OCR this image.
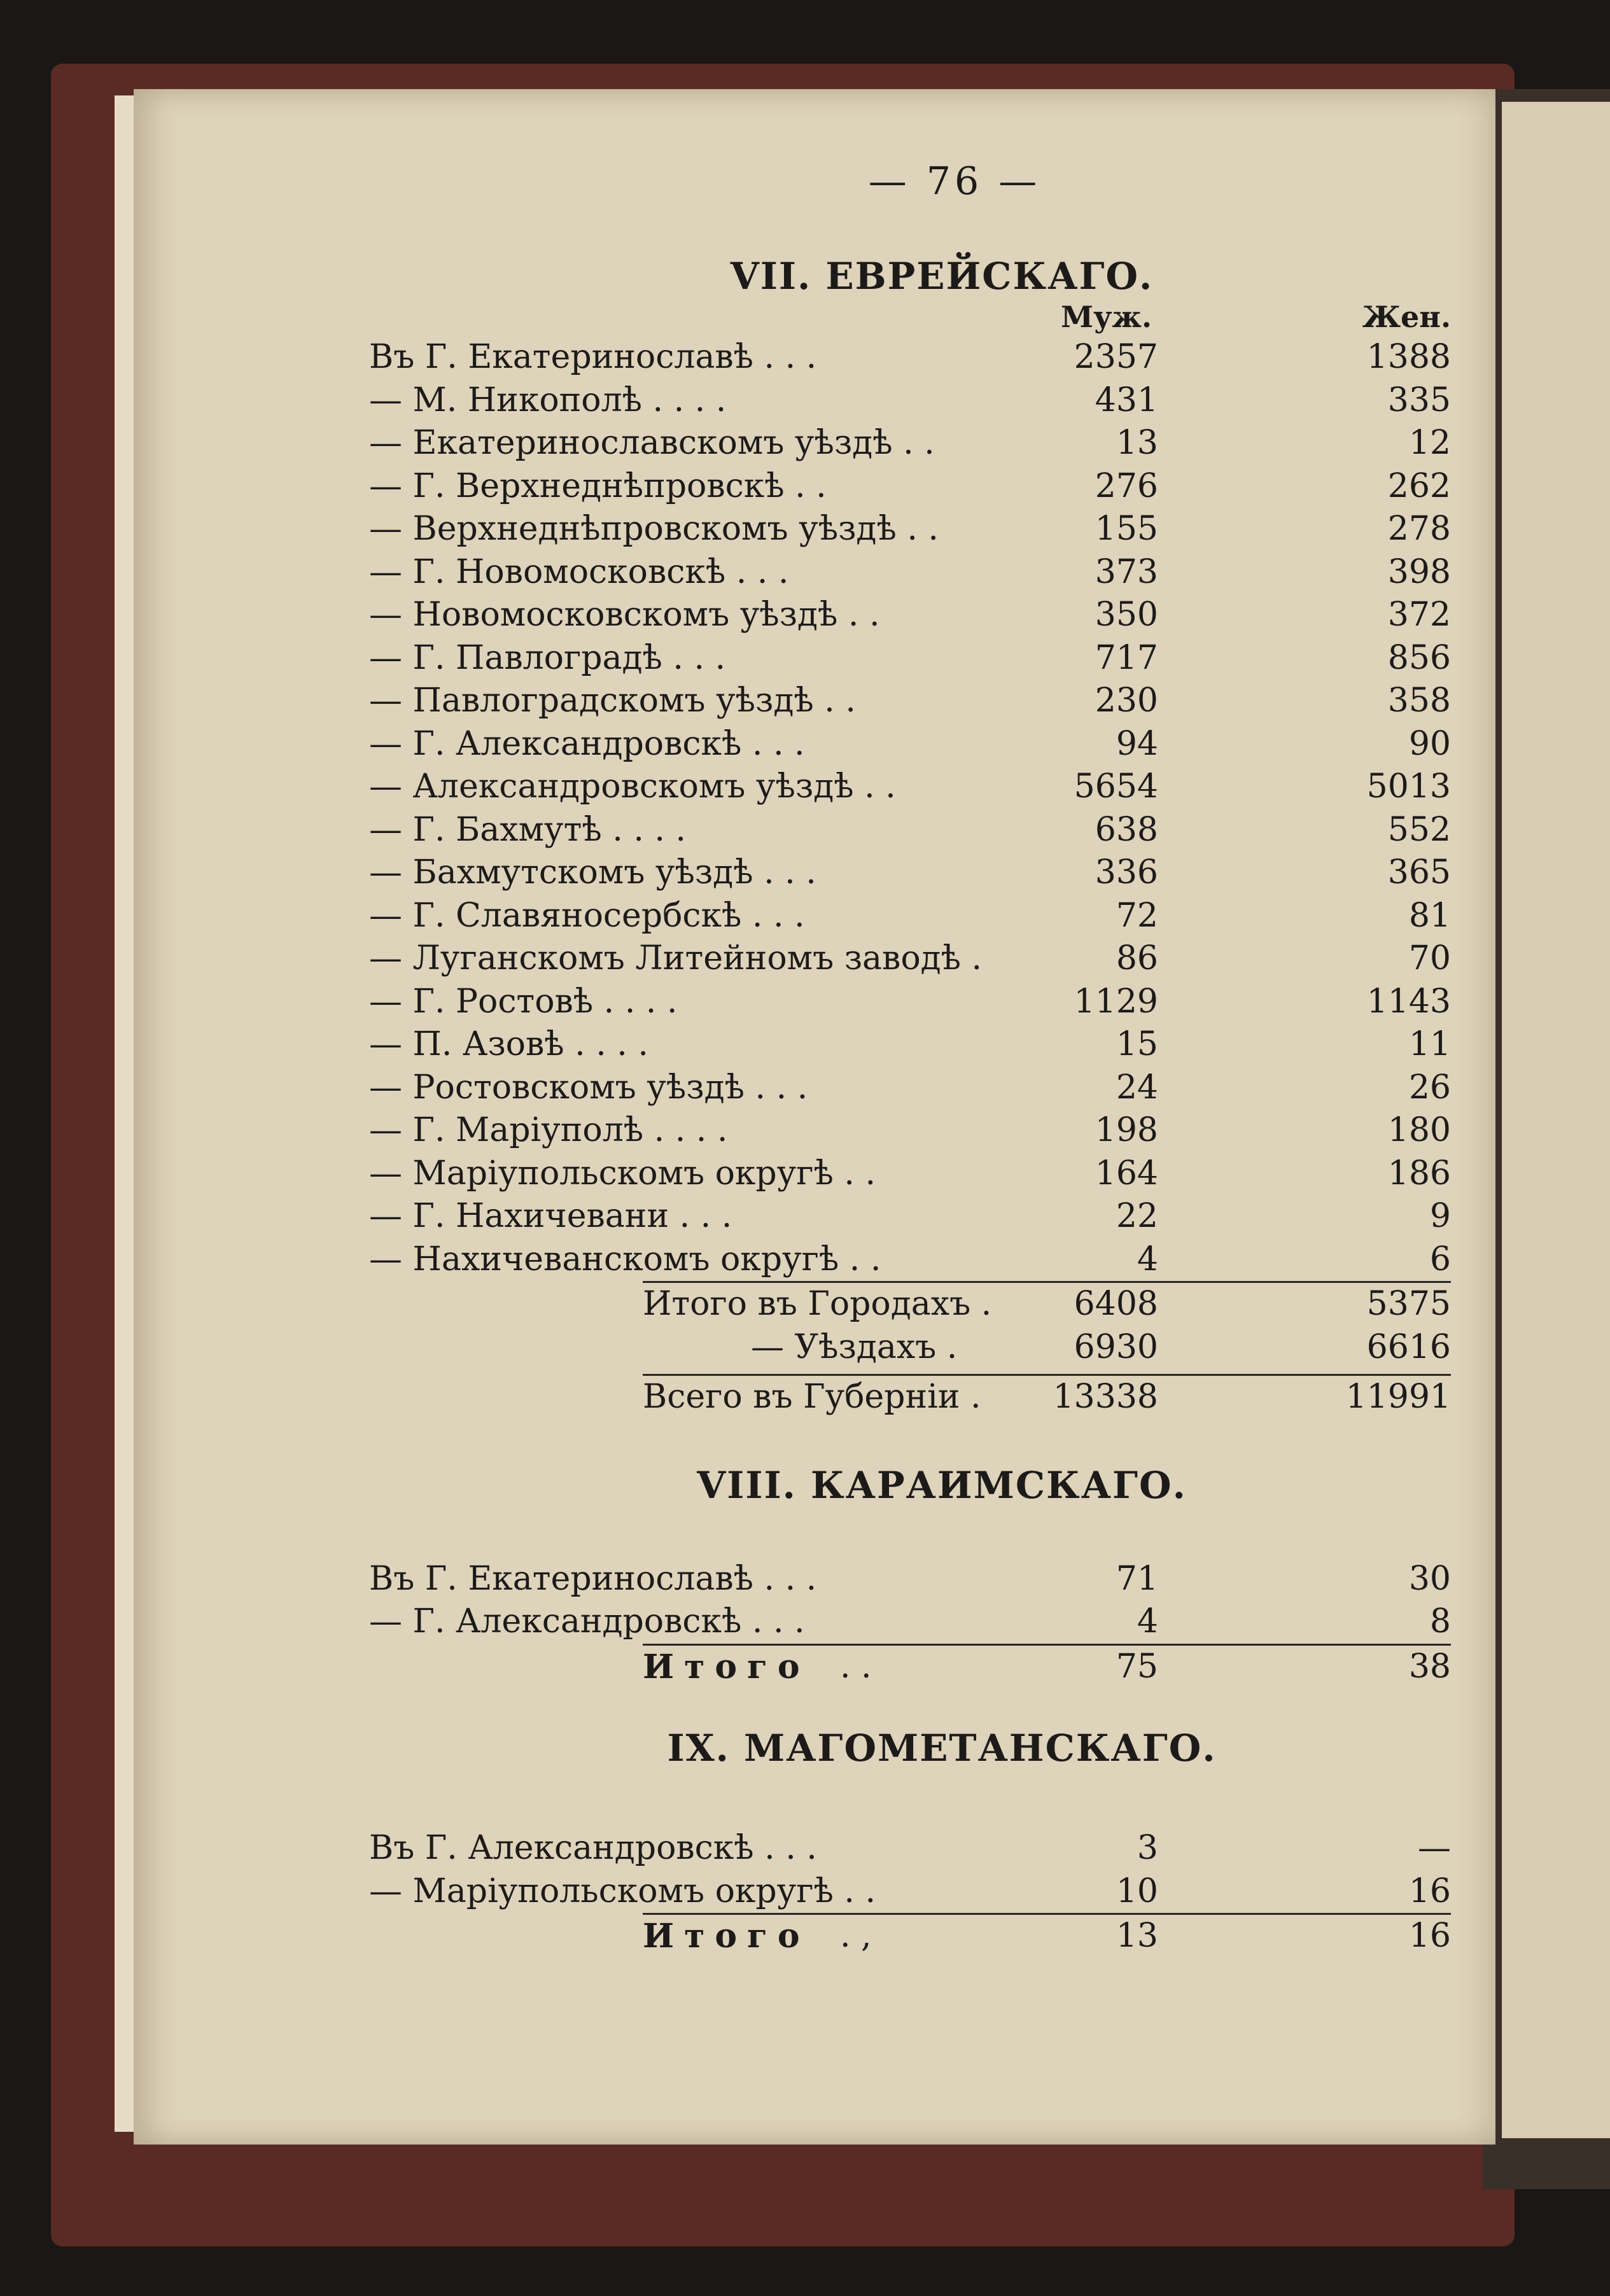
— 76 —
VII. ЕВРЕЙСКАГО.
Муж.	Жен.
Въ Г. Екатеринославѣ . . .	2357	1388
— М. Никополѣ . . . .	431	335
— Екатеринославскомъ уѣздѣ . .	13	12
— Г. Верхнеднѣпровскѣ . .	276	262
— Верхнеднѣпровскомъ уѣздѣ . .	155	278
— Г. Новомосковскѣ . . .	373	398
— Новомосковскомъ уѣздѣ . .	350	372
— Г. Павлоградѣ . . .	717	856
— Павлоградскомъ уѣздѣ . .	230	358
— Г. Александровскѣ . . .	94	90
— Александровскомъ уѣздѣ . .	5654	5013
— Г. Бахмутѣ . . . .	638	552
— Бахмутскомъ уѣздѣ . . .	336	365
— Г. Славяносербскѣ . . .	72	81
— Луганскомъ Литейномъ заводѣ .	86	70
— Г. Ростовѣ . . . .	1129	1143
— П. Азовѣ . . . .	15	11
— Ростовскомъ уѣздѣ . . .	24	26
— Г. Маріуполѣ . . . .	198	180
— Маріупольскомъ округѣ . .	164	186
— Г. Нахичевани . . .	22	9
— Нахичеванскомъ округѣ . .	4	6
Итого въ Городахъ . 6408	5375
— Уѣздахъ .	6930	6616
Всего въ Губерніи . 13338	11991
VIII. КАРАИМСКАГО.
Въ Г. Екатеринославѣ . . .	71	30
— Г. Александровскѣ . . .	4	8
Итого . .	75	38
IX. МАГОМЕТАНСКАГО.
Въ Г. Александровскѣ . . .	3	—
— Маріупольскомъ округѣ . .	10	16
Итого . ,	13	16
